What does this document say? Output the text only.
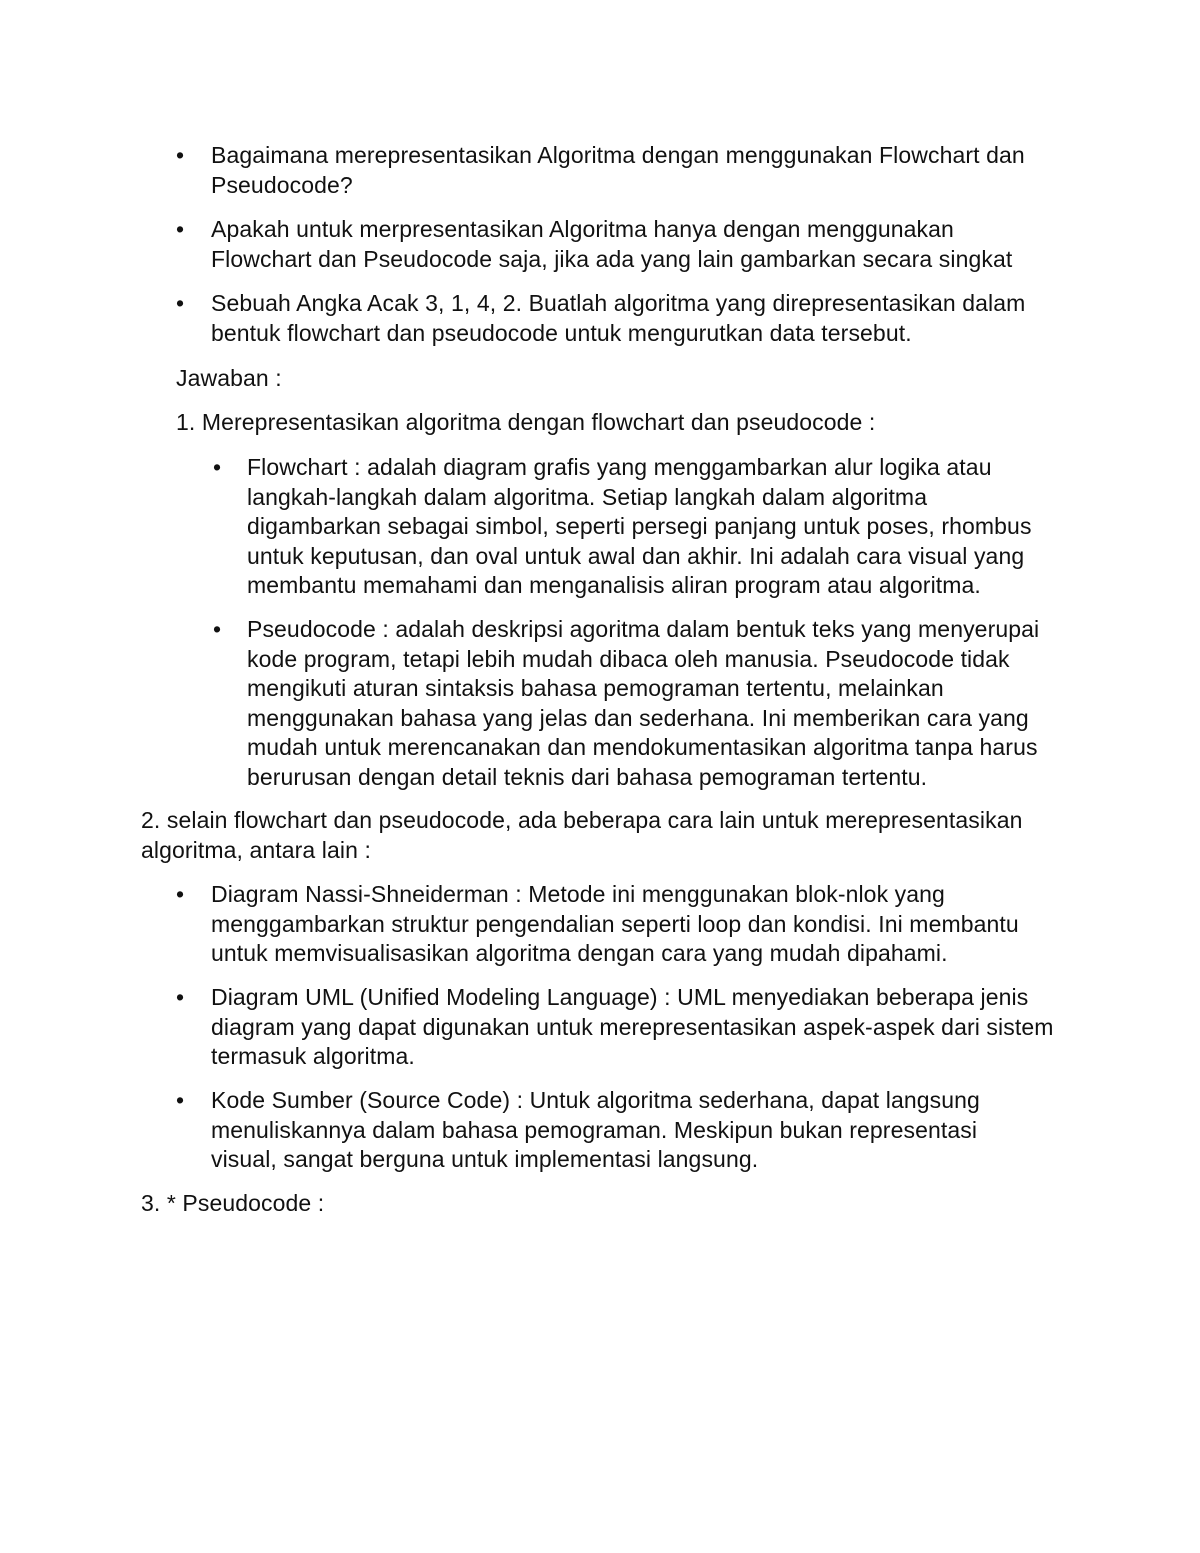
• Bagaimana merepresentasikan Algoritma dengan menggunakan Flowchart dan Pseudocode?
• Apakah untuk merpresentasikan Algoritma hanya dengan menggunakan Flowchart dan Pseudocode saja, jika ada yang lain gambarkan secara singkat
• Sebuah Angka Acak 3, 1, 4, 2. Buatlah algoritma yang direpresentasikan dalam bentuk flowchart dan pseudocode untuk mengurutkan data tersebut.
Jawaban :
1. Merepresentasikan algoritma dengan flowchart dan pseudocode :
• Flowchart : adalah diagram grafis yang menggambarkan alur logika atau langkah-langkah dalam algoritma. Setiap langkah dalam algoritma digambarkan sebagai simbol, seperti persegi panjang untuk poses, rhombus untuk keputusan, dan oval untuk awal dan akhir. Ini adalah cara visual yang membantu memahami dan menganalisis aliran program atau algoritma.
• Pseudocode : adalah deskripsi agoritma dalam bentuk teks yang menyerupai kode program, tetapi lebih mudah dibaca oleh manusia. Pseudocode tidak mengikuti aturan sintaksis bahasa pemograman tertentu, melainkan menggunakan bahasa yang jelas dan sederhana. Ini memberikan cara yang mudah untuk merencanakan dan mendokumentasikan algoritma tanpa harus berurusan dengan detail teknis dari bahasa pemograman tertentu.
2. selain flowchart dan pseudocode, ada beberapa cara lain untuk merepresentasikan algoritma, antara lain :
• Diagram Nassi-Shneiderman : Metode ini menggunakan blok-nlok yang menggambarkan struktur pengendalian seperti loop dan kondisi. Ini membantu untuk memvisualisasikan algoritma dengan cara yang mudah dipahami.
• Diagram UML (Unified Modeling Language) : UML menyediakan beberapa jenis diagram yang dapat digunakan untuk merepresentasikan aspek-aspek dari sistem termasuk algoritma.
• Kode Sumber (Source Code) : Untuk algoritma sederhana, dapat langsung menuliskannya dalam bahasa pemograman. Meskipun bukan representasi visual, sangat berguna untuk implementasi langsung.
3. * Pseudocode :
